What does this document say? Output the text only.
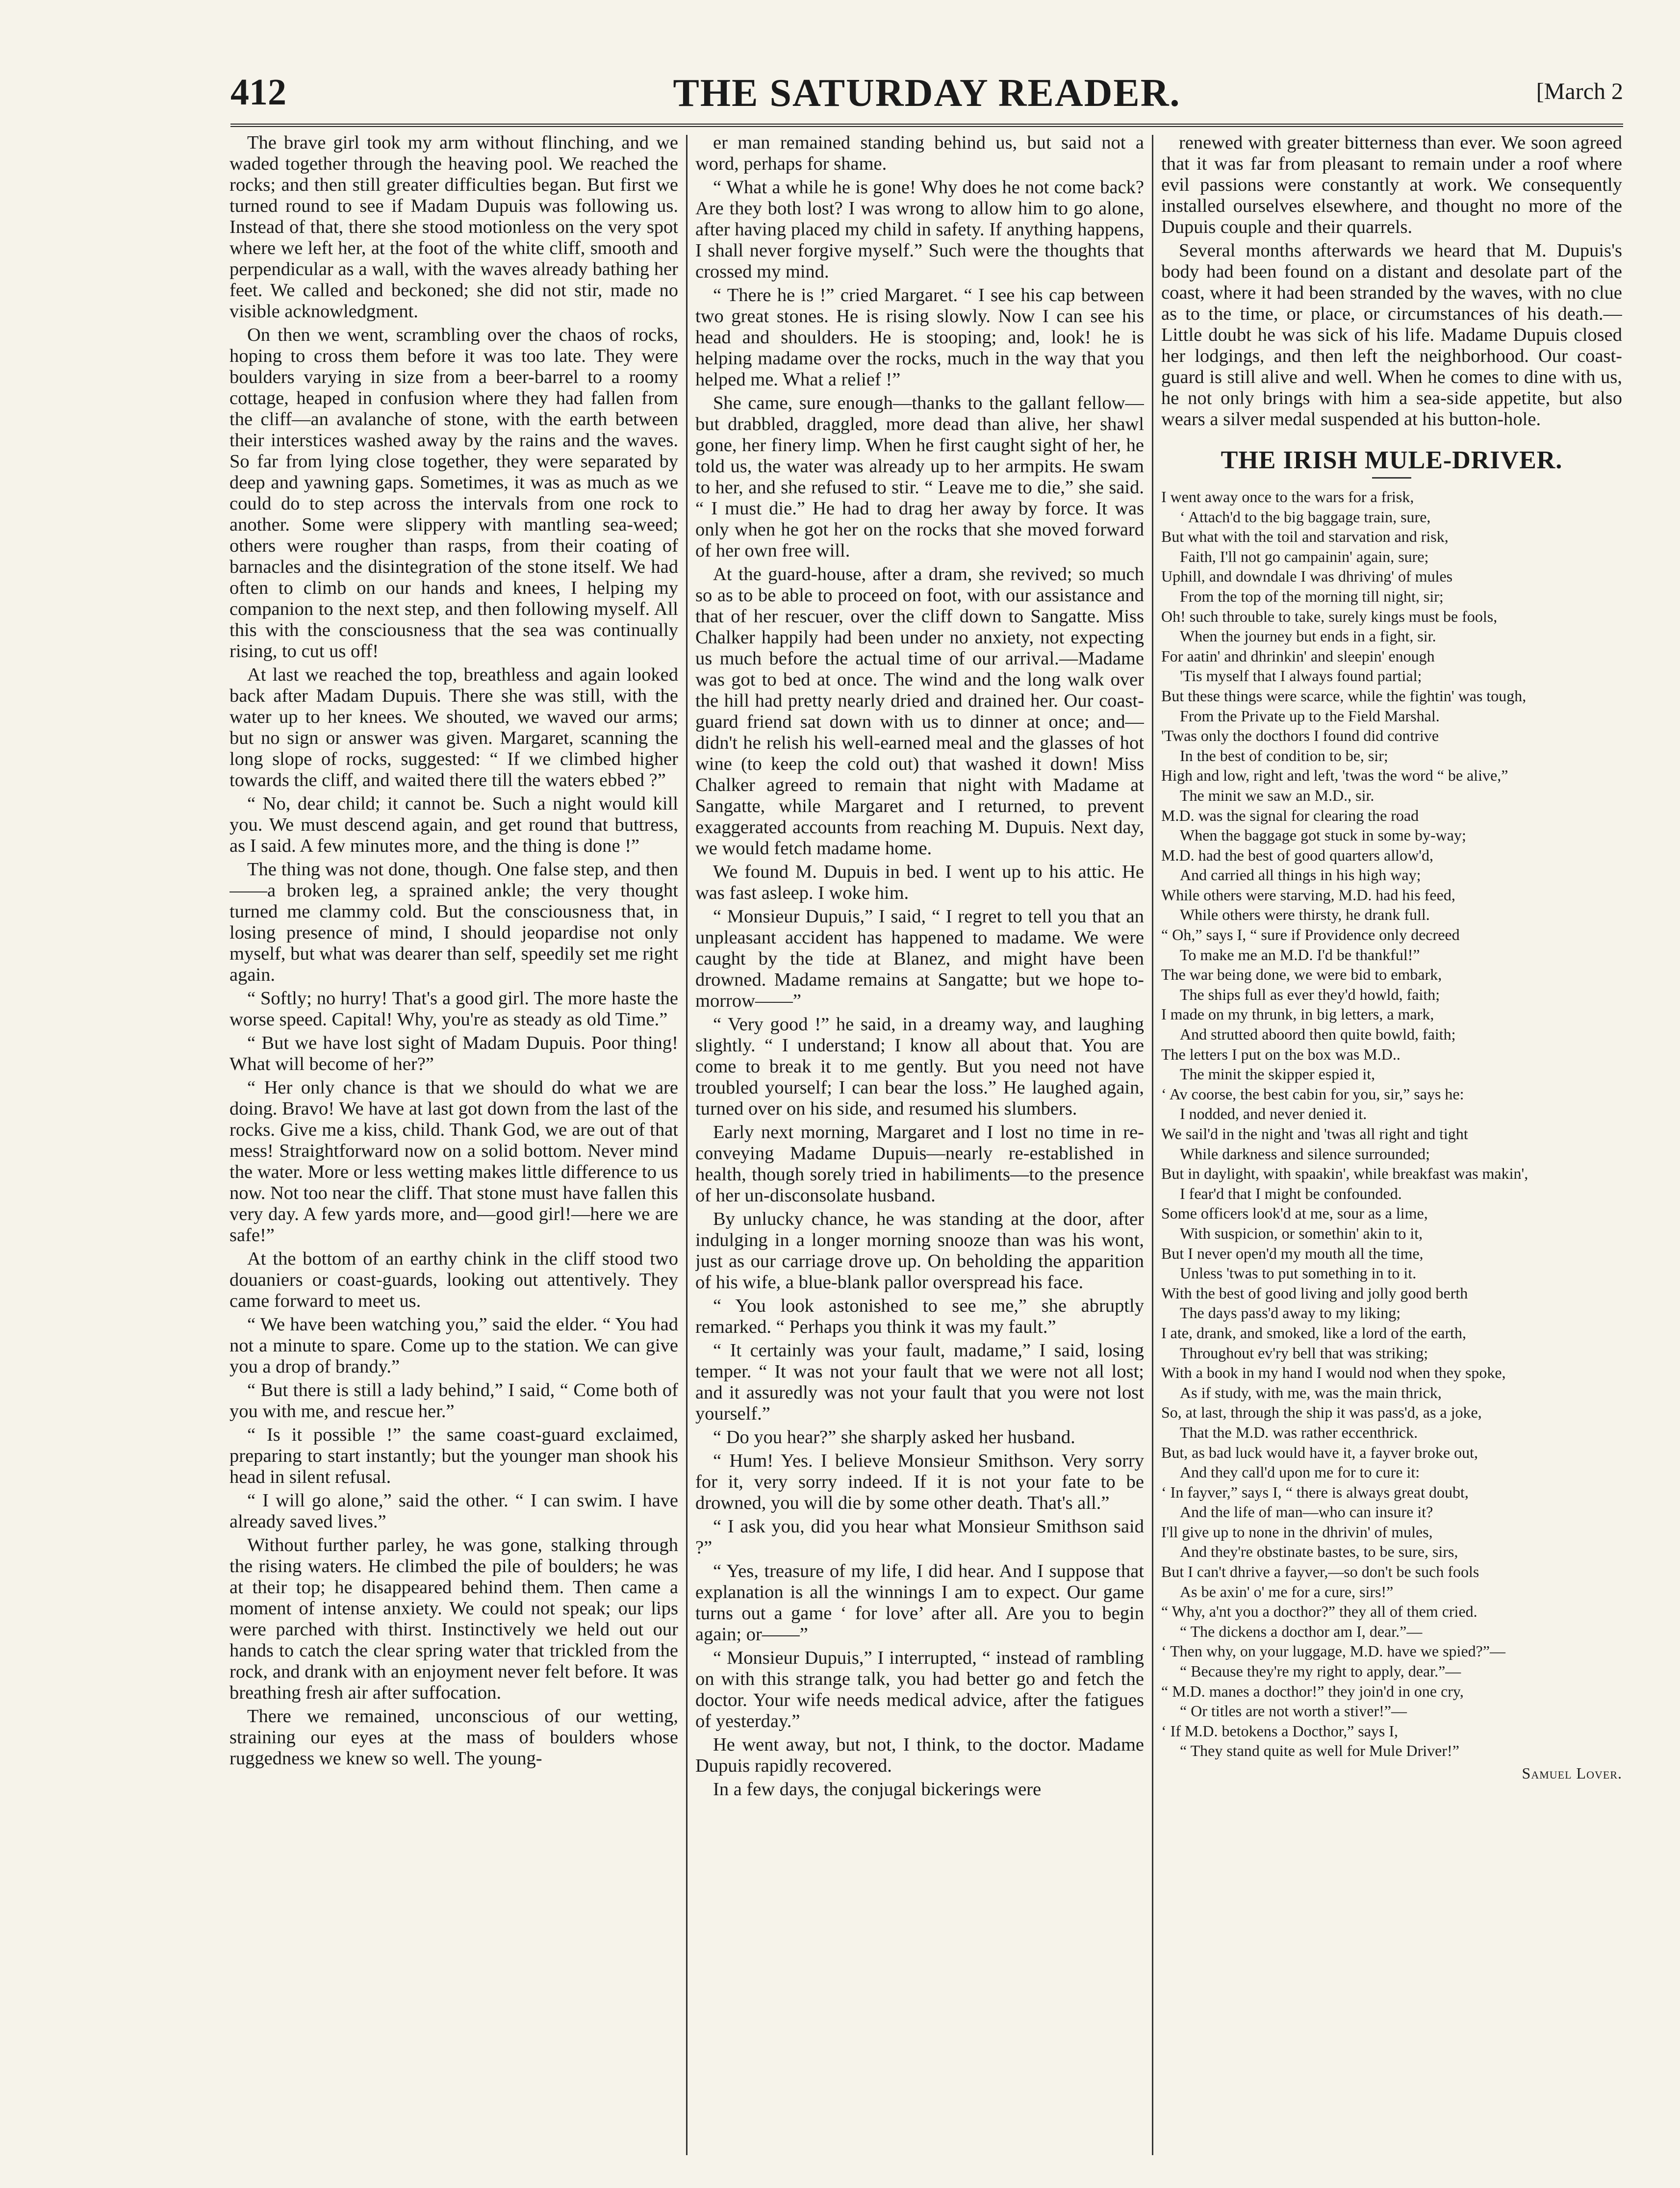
412	THE SATURDAY READER.	[March 2

The brave girl took my arm without flinching, and we waded together through the heaving pool. We reached the rocks; and then still greater difficulties began. But first we turned round to see if Madam Dupuis was following us. Instead of that, there she stood motionless on the very spot where we left her, at the foot of the white cliff, smooth and perpendicular as a wall, with the waves already bathing her feet. We called and beckoned; she did not stir, made no visible acknowledgment.

On then we went, scrambling over the chaos of rocks, hoping to cross them before it was too late. They were boulders varying in size from a beer-barrel to a roomy cottage, heaped in confusion where they had fallen from the cliff—an avalanche of stone, with the earth between their interstices washed away by the rains and the waves. So far from lying close together, they were separated by deep and yawning gaps. Sometimes, it was as much as we could do to step across the intervals from one rock to another. Some were slippery with mantling sea-weed; others were rougher than rasps, from their coating of barnacles and the disintegration of the stone itself. We had often to climb on our hands and knees, I helping my companion to the next step, and then following myself. All this with the consciousness that the sea was continually rising, to cut us off!

At last we reached the top, breathless and again looked back after Madam Dupuis. There she was still, with the water up to her knees. We shouted, we waved our arms; but no sign or answer was given. Margaret, scanning the long slope of rocks, suggested: “ If we climbed higher towards the cliff, and waited there till the waters ebbed ?”

“ No, dear child; it cannot be. Such a night would kill you. We must descend again, and get round that buttress, as I said. A few minutes more, and the thing is done !”

The thing was not done, though. One false step, and then——a broken leg, a sprained ankle; the very thought turned me clammy cold. But the consciousness that, in losing presence of mind, I should jeopardise not only myself, but what was dearer than self, speedily set me right again.

“ Softly; no hurry! That's a good girl. The more haste the worse speed. Capital! Why, you're as steady as old Time.”

“ But we have lost sight of Madam Dupuis. Poor thing! What will become of her?”

“ Her only chance is that we should do what we are doing. Bravo! We have at last got down from the last of the rocks. Give me a kiss, child. Thank God, we are out of that mess! Straightforward now on a solid bottom. Never mind the water. More or less wetting makes little difference to us now. Not too near the cliff. That stone must have fallen this very day. A few yards more, and—good girl!—here we are safe!”

At the bottom of an earthy chink in the cliff stood two douaniers or coast-guards, looking out attentively. They came forward to meet us.

“ We have been watching you,” said the elder. “ You had not a minute to spare. Come up to the station. We can give you a drop of brandy.”

“ But there is still a lady behind,” I said, “ Come both of you with me, and rescue her.”

“ Is it possible !” the same coast-guard exclaimed, preparing to start instantly; but the younger man shook his head in silent refusal.

“ I will go alone,” said the other. “ I can swim. I have already saved lives.”

Without further parley, he was gone, stalking through the rising waters. He climbed the pile of boulders; he was at their top; he disappeared behind them. Then came a moment of intense anxiety. We could not speak; our lips were parched with thirst. Instinctively we held out our hands to catch the clear spring water that trickled from the rock, and drank with an enjoyment never felt before. It was breathing fresh air after suffocation.

There we remained, unconscious of our wetting, straining our eyes at the mass of boulders whose ruggedness we knew so well. The young-

er man remained standing behind us, but said not a word, perhaps for shame.

“ What a while he is gone! Why does he not come back? Are they both lost? I was wrong to allow him to go alone, after having placed my child in safety. If anything happens, I shall never forgive myself.” Such were the thoughts that crossed my mind.

“ There he is !” cried Margaret. “ I see his cap between two great stones. He is rising slowly. Now I can see his head and shoulders. He is stooping; and, look! he is helping madame over the rocks, much in the way that you helped me. What a relief !”

She came, sure enough—thanks to the gallant fellow—but drabbled, draggled, more dead than alive, her shawl gone, her finery limp. When he first caught sight of her, he told us, the water was already up to her armpits. He swam to her, and she refused to stir. “ Leave me to die,” she said. “ I must die.” He had to drag her away by force. It was only when he got her on the rocks that she moved forward of her own free will.

At the guard-house, after a dram, she revived; so much so as to be able to proceed on foot, with our assistance and that of her rescuer, over the cliff down to Sangatte. Miss Chalker happily had been under no anxiety, not expecting us much before the actual time of our arrival.—Madame was got to bed at once. The wind and the long walk over the hill had pretty nearly dried and drained her. Our coast-guard friend sat down with us to dinner at once; and—didn't he relish his well-earned meal and the glasses of hot wine (to keep the cold out) that washed it down! Miss Chalker agreed to remain that night with Madame at Sangatte, while Margaret and I returned, to prevent exaggerated accounts from reaching M. Dupuis. Next day, we would fetch madame home.

We found M. Dupuis in bed. I went up to his attic. He was fast asleep. I woke him.

“ Monsieur Dupuis,” I said, “ I regret to tell you that an unpleasant accident has happened to madame. We were caught by the tide at Blanez, and might have been drowned. Madame remains at Sangatte; but we hope to-morrow——”

“ Very good !” he said, in a dreamy way, and laughing slightly. “ I understand; I know all about that. You are come to break it to me gently. But you need not have troubled yourself; I can bear the loss.” He laughed again, turned over on his side, and resumed his slumbers.

Early next morning, Margaret and I lost no time in re-conveying Madame Dupuis—nearly re-established in health, though sorely tried in habiliments—to the presence of her un-disconsolate husband.

By unlucky chance, he was standing at the door, after indulging in a longer morning snooze than was his wont, just as our carriage drove up. On beholding the apparition of his wife, a blue-blank pallor overspread his face.

“ You look astonished to see me,” she abruptly remarked. “ Perhaps you think it was my fault.”

“ It certainly was your fault, madame,” I said, losing temper. “ It was not your fault that we were not all lost; and it assuredly was not your fault that you were not lost yourself.”

“ Do you hear?” she sharply asked her husband.

“ Hum! Yes. I believe Monsieur Smithson. Very sorry for it, very sorry indeed. If it is not your fate to be drowned, you will die by some other death. That's all.”

“ I ask you, did you hear what Monsieur Smithson said ?”

“ Yes, treasure of my life, I did hear. And I suppose that explanation is all the winnings I am to expect. Our game turns out a game ‘ for love’ after all. Are you to begin again; or——”

“ Monsieur Dupuis,” I interrupted, “ instead of rambling on with this strange talk, you had better go and fetch the doctor. Your wife needs medical advice, after the fatigues of yesterday.”

He went away, but not, I think, to the doctor. Madame Dupuis rapidly recovered.

In a few days, the conjugal bickerings were

renewed with greater bitterness than ever. We soon agreed that it was far from pleasant to remain under a roof where evil passions were constantly at work. We consequently installed ourselves elsewhere, and thought no more of the Dupuis couple and their quarrels.

Several months afterwards we heard that M. Dupuis's body had been found on a distant and desolate part of the coast, where it had been stranded by the waves, with no clue as to the time, or place, or circumstances of his death.—Little doubt he was sick of his life. Madame Dupuis closed her lodgings, and then left the neighborhood. Our coast-guard is still alive and well. When he comes to dine with us, he not only brings with him a sea-side appetite, but also wears a silver medal suspended at his button-hole.

THE IRISH MULE-DRIVER.
I went away once to the wars for a frisk,
‘ Attach'd to the big baggage train, sure,
But what with the toil and starvation and risk,
Faith, I'll not go campainin' again, sure;
Uphill, and downdale I was dhriving' of mules
From the top of the morning till night, sir;
Oh! such throuble to take, surely kings must be fools,
When the journey but ends in a fight, sir.
For aatin' and dhrinkin' and sleepin' enough
'Tis myself that I always found partial;
But these things were scarce, while the fightin' was tough,
From the Private up to the Field Marshal.
'Twas only the docthors I found did contrive
In the best of condition to be, sir;
High and low, right and left, 'twas the word “ be alive,”
The minit we saw an M.D., sir.
M.D. was the signal for clearing the road
When the baggage got stuck in some by-way;
M.D. had the best of good quarters allow'd,
And carried all things in his high way;
While others were starving, M.D. had his feed,
While others were thirsty, he drank full.
“ Oh,” says I, “ sure if Providence only decreed
To make me an M.D. I'd be thankful!”
The war being done, we were bid to embark,
The ships full as ever they'd howld, faith;
I made on my thrunk, in big letters, a mark,
And strutted aboord then quite bowld, faith;
The letters I put on the box was M.D..
The minit the skipper espied it,
‘ Av coorse, the best cabin for you, sir,” says he:
I nodded, and never denied it.
We sail'd in the night and 'twas all right and tight
While darkness and silence surrounded;
But in daylight, with spaakin', while breakfast was makin',
I fear'd that I might be confounded.
Some officers look'd at me, sour as a lime,
With suspicion, or somethin' akin to it,
But I never open'd my mouth all the time,
Unless 'twas to put something in to it.
With the best of good living and jolly good berth
The days pass'd away to my liking;
I ate, drank, and smoked, like a lord of the earth,
Throughout ev'ry bell that was striking;
With a book in my hand I would nod when they spoke,
As if study, with me, was the main thrick,
So, at last, through the ship it was pass'd, as a joke,
That the M.D. was rather eccenthrick.
But, as bad luck would have it, a fayver broke out,
And they call'd upon me for to cure it:
‘ In fayver,” says I, “ there is always great doubt,
And the life of man—who can insure it?
I'll give up to none in the dhrivin' of mules,
And they're obstinate bastes, to be sure, sirs,
But I can't dhrive a fayver,—so don't be such fools
As be axin' o' me for a cure, sirs!”
“ Why, a'nt you a docthor?” they all of them cried.
“ The dickens a docthor am I, dear.”—
‘ Then why, on your luggage, M.D. have we spied?”—
“ Because they're my right to apply, dear.”—
“ M.D. manes a docthor!” they join'd in one cry,
“ Or titles are not worth a stiver!”—
‘ If M.D. betokens a Docthor,” says I,
“ They stand quite as well for Mule Driver!”
Samuel Lover.
